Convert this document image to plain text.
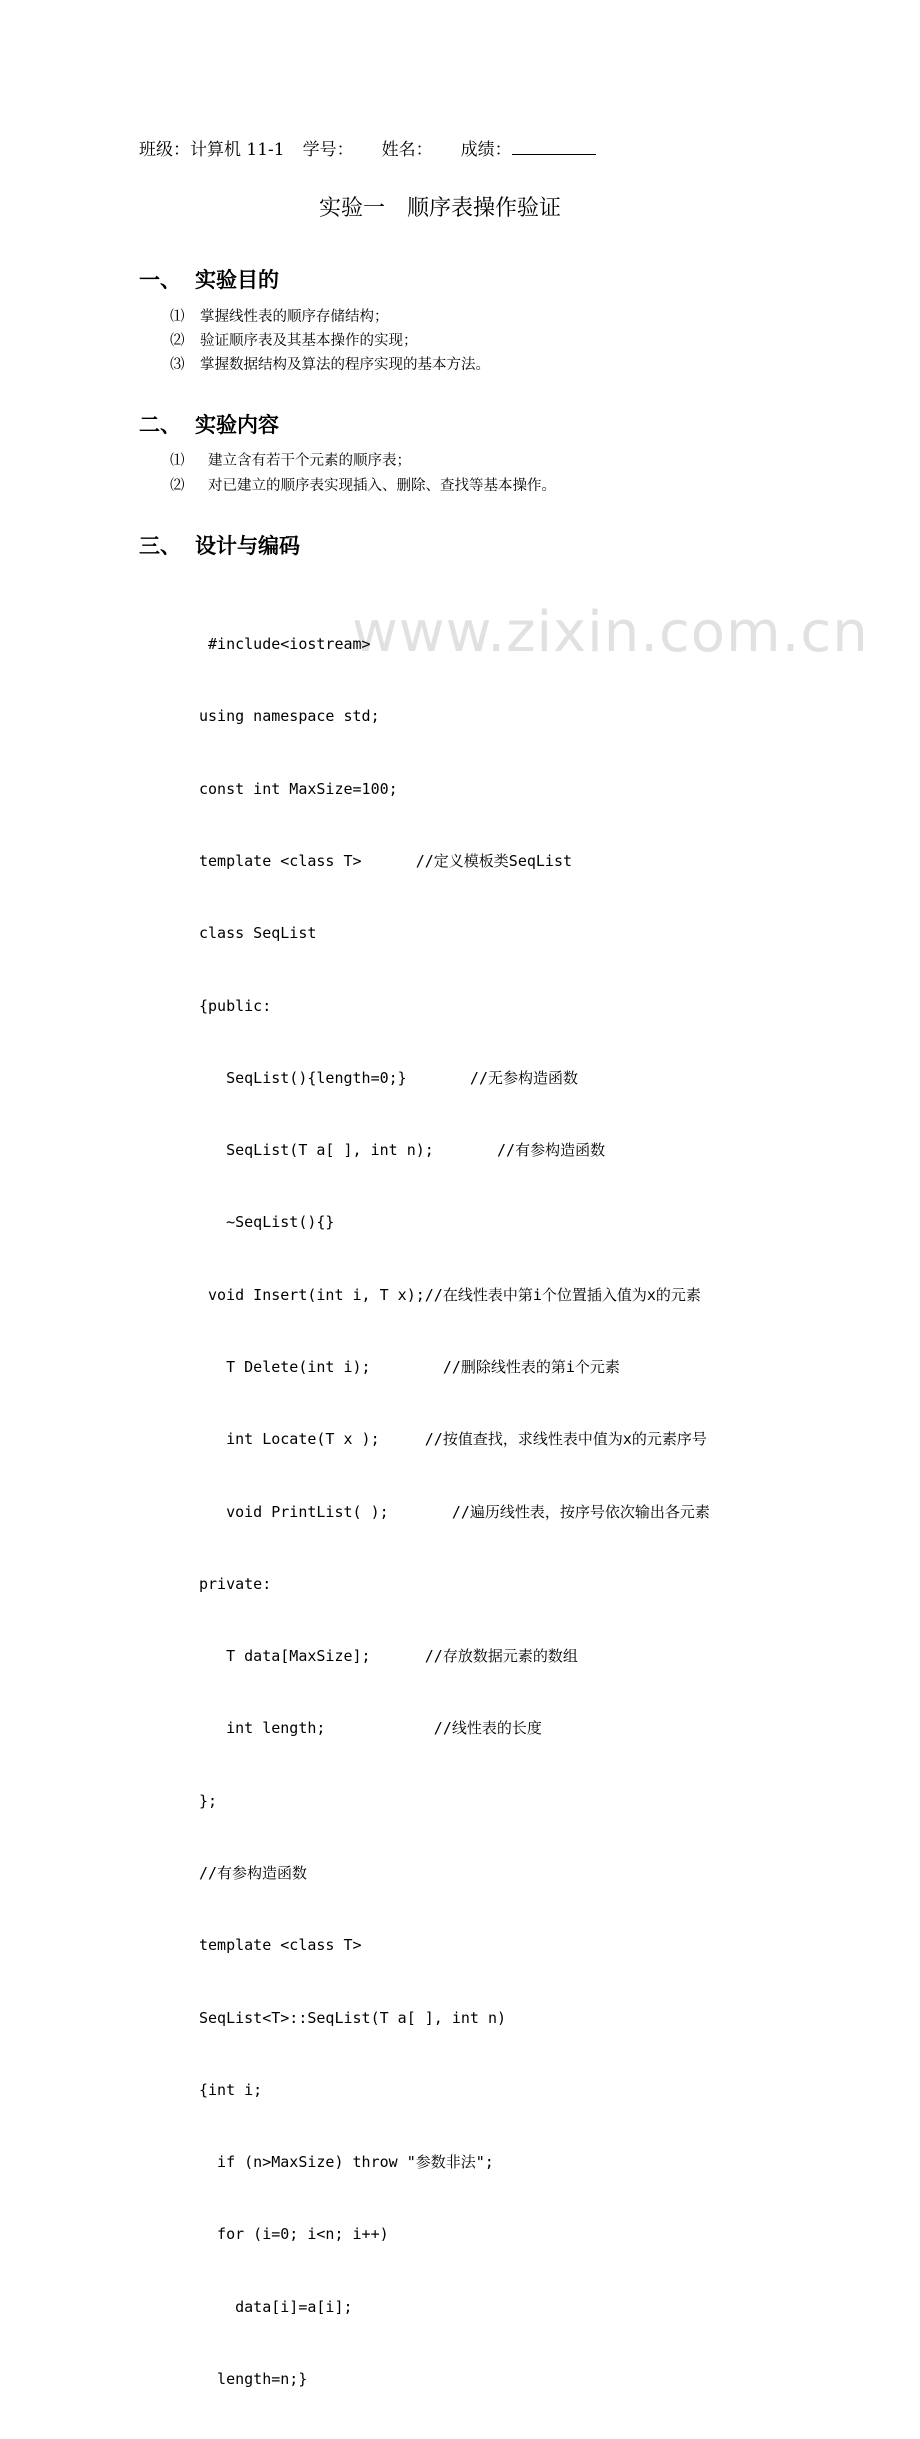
www.zixin.com.cn
班级：计算机 11-1 学号： 姓名： 成绩：
实验一　顺序表操作验证
一、 实验目的
⑴ 掌握线性表的顺序存储结构；
⑵ 验证顺序表及其基本操作的实现；
⑶ 掌握数据结构及算法的程序实现的基本方法。
二、 实验内容
⑴ 建立含有若干个元素的顺序表；
⑵ 对已建立的顺序表实现插入、删除、查找等基本操作。
三、 设计与编码

#include<iostream>

using namespace std;

const int MaxSize=100;

template <class T>      //定义模板类SeqList

class SeqList

{public:

SeqList(){length=0;}       //无参构造函数

SeqList(T a[ ], int n);       //有参构造函数

~SeqList(){}

void Insert(int i, T x);//在线性表中第i个位置插入值为x的元素

T Delete(int i);        //删除线性表的第i个元素

int Locate(T x );     //按值查找，求线性表中值为x的元素序号

void PrintList( );       //遍历线性表，按序号依次输出各元素

private:

T data[MaxSize];      //存放数据元素的数组

int length;            //线性表的长度

};

//有参构造函数

template <class T>

SeqList<T>::SeqList(T a[ ], int n)

{int i;

if (n>MaxSize) throw "参数非法";

for (i=0; i<n; i++)

data[i]=a[i];

length=n;}
